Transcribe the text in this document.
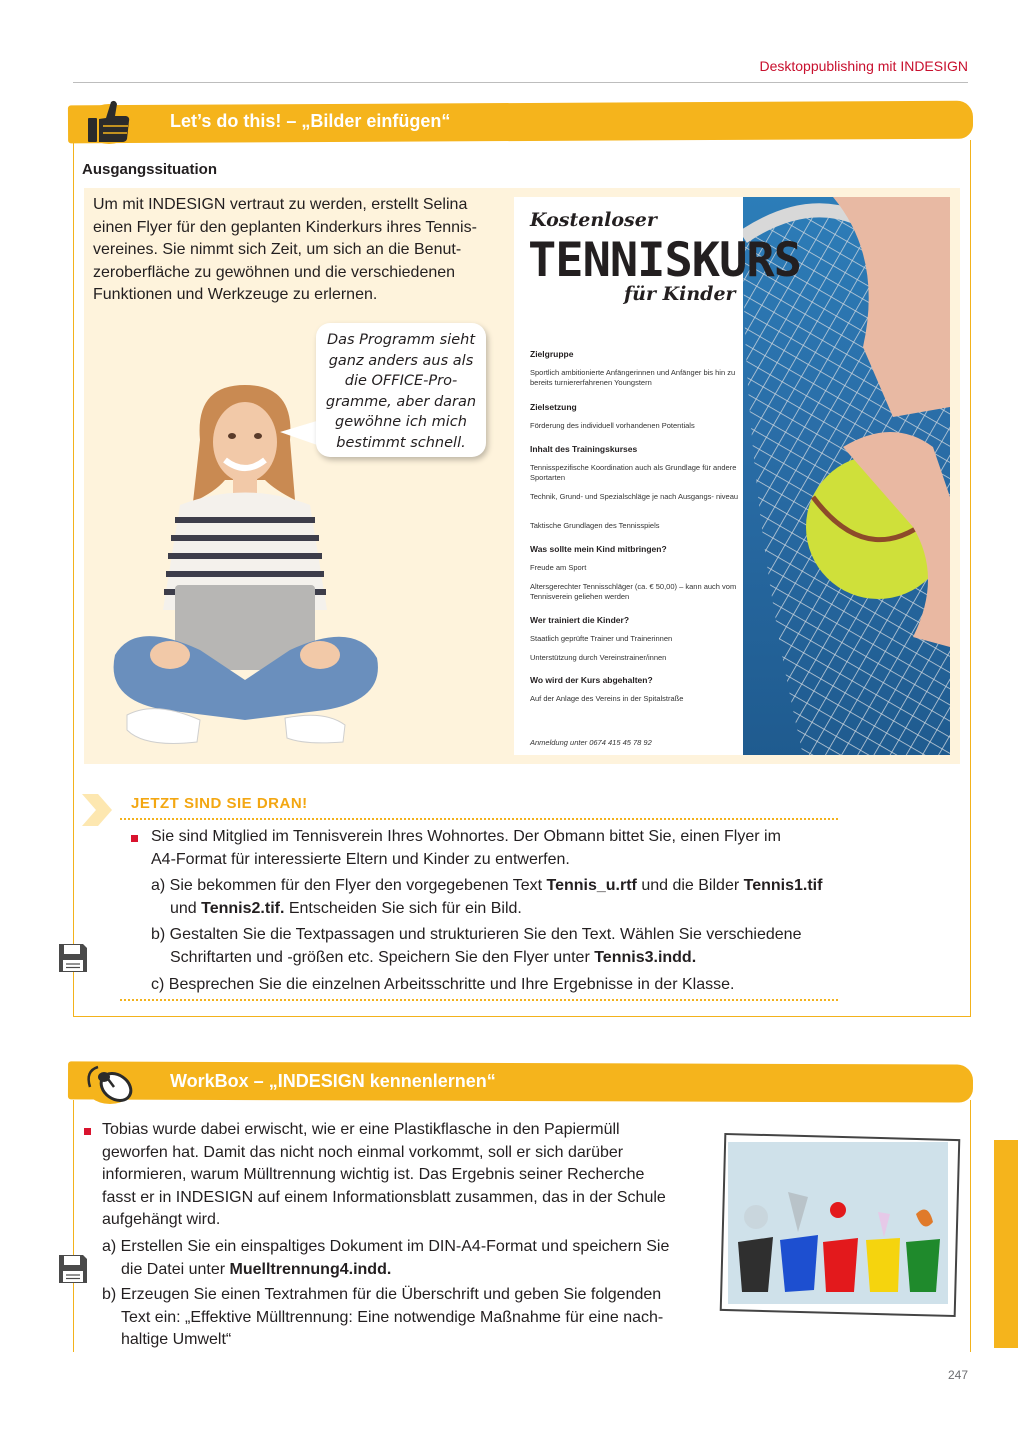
Desktoppublishing mit INDESIGN
Let’s do this! – „Bilder einfügen“
Ausgangssituation
Um mit INDESIGN vertraut zu werden, erstellt Selina
einen Flyer für den geplanten Kinderkurs ihres Tennis-
vereines. Sie nimmt sich Zeit, um sich an die Benut-
zeroberfläche zu gewöhnen und die verschiedenen
Funktionen und Werkzeuge zu erlernen.
Das Programm sieht
ganz anders aus als
die OFFICE-Pro-
gramme, aber daran
gewöhne ich mich
bestimmt schnell.
Kostenloser
TENNISKURS
für Kinder
Zielgruppe
Sportlich ambitionierte Anfängerinnen und Anfänger bis hin zu bereits turniererfahrenen Youngstern
Zielsetzung
Förderung des individuell vorhandenen Potentials
Inhalt des Trainingskurses
Tennisspezifische Koordination auch als Grundlage für andere Sportarten
Technik, Grund- und Spezialschläge je nach Ausgangs- niveau
Taktische Grundlagen des Tennisspiels
Was sollte mein Kind mitbringen?
Freude am Sport
Altersgerechter Tennisschläger (ca. € 50,00) – kann auch vom Tennisverein geliehen werden
Wer trainiert die Kinder?
Staatlich geprüfte Trainer und Trainerinnen
Unterstützung durch Vereinstrainer/innen
Wo wird der Kurs abgehalten?
Auf der Anlage des Vereins in der Spitalstraße
Anmeldung unter 0674 415 45 78 92
JETZT SIND SIE DRAN!
Sie sind Mitglied im Tennisverein Ihres Wohnortes. Der Obmann bittet Sie, einen Flyer im
A4-Format für interessierte Eltern und Kinder zu entwerfen.
a) Sie bekommen für den Flyer den vorgegebenen Text Tennis_u.rtf und die Bilder Tennis1.tif
und Tennis2.tif. Entscheiden Sie sich für ein Bild.
b) Gestalten Sie die Textpassagen und strukturieren Sie den Text. Wählen Sie verschiedene
Schriftarten und -größen etc. Speichern Sie den Flyer unter Tennis3.indd.
c) Besprechen Sie die einzelnen Arbeitsschritte und Ihre Ergebnisse in der Klasse.
WorkBox – „INDESIGN kennenlernen“
Tobias wurde dabei erwischt, wie er eine Plastikflasche in den Papiermüll
geworfen hat. Damit das nicht noch einmal vorkommt, soll er sich darüber
informieren, warum Mülltrennung wichtig ist. Das Ergebnis seiner Recherche
fasst er in INDESIGN auf einem Informationsblatt zusammen, das in der Schule
aufgehängt wird.
a) Erstellen Sie ein einspaltiges Dokument im DIN-A4-Format und speichern Sie
die Datei unter Muelltrennung4.indd.
b) Erzeugen Sie einen Textrahmen für die Überschrift und geben Sie folgenden
Text ein: „Effektive Mülltrennung: Eine notwendige Maßnahme für eine nach-
haltige Umwelt“
247
